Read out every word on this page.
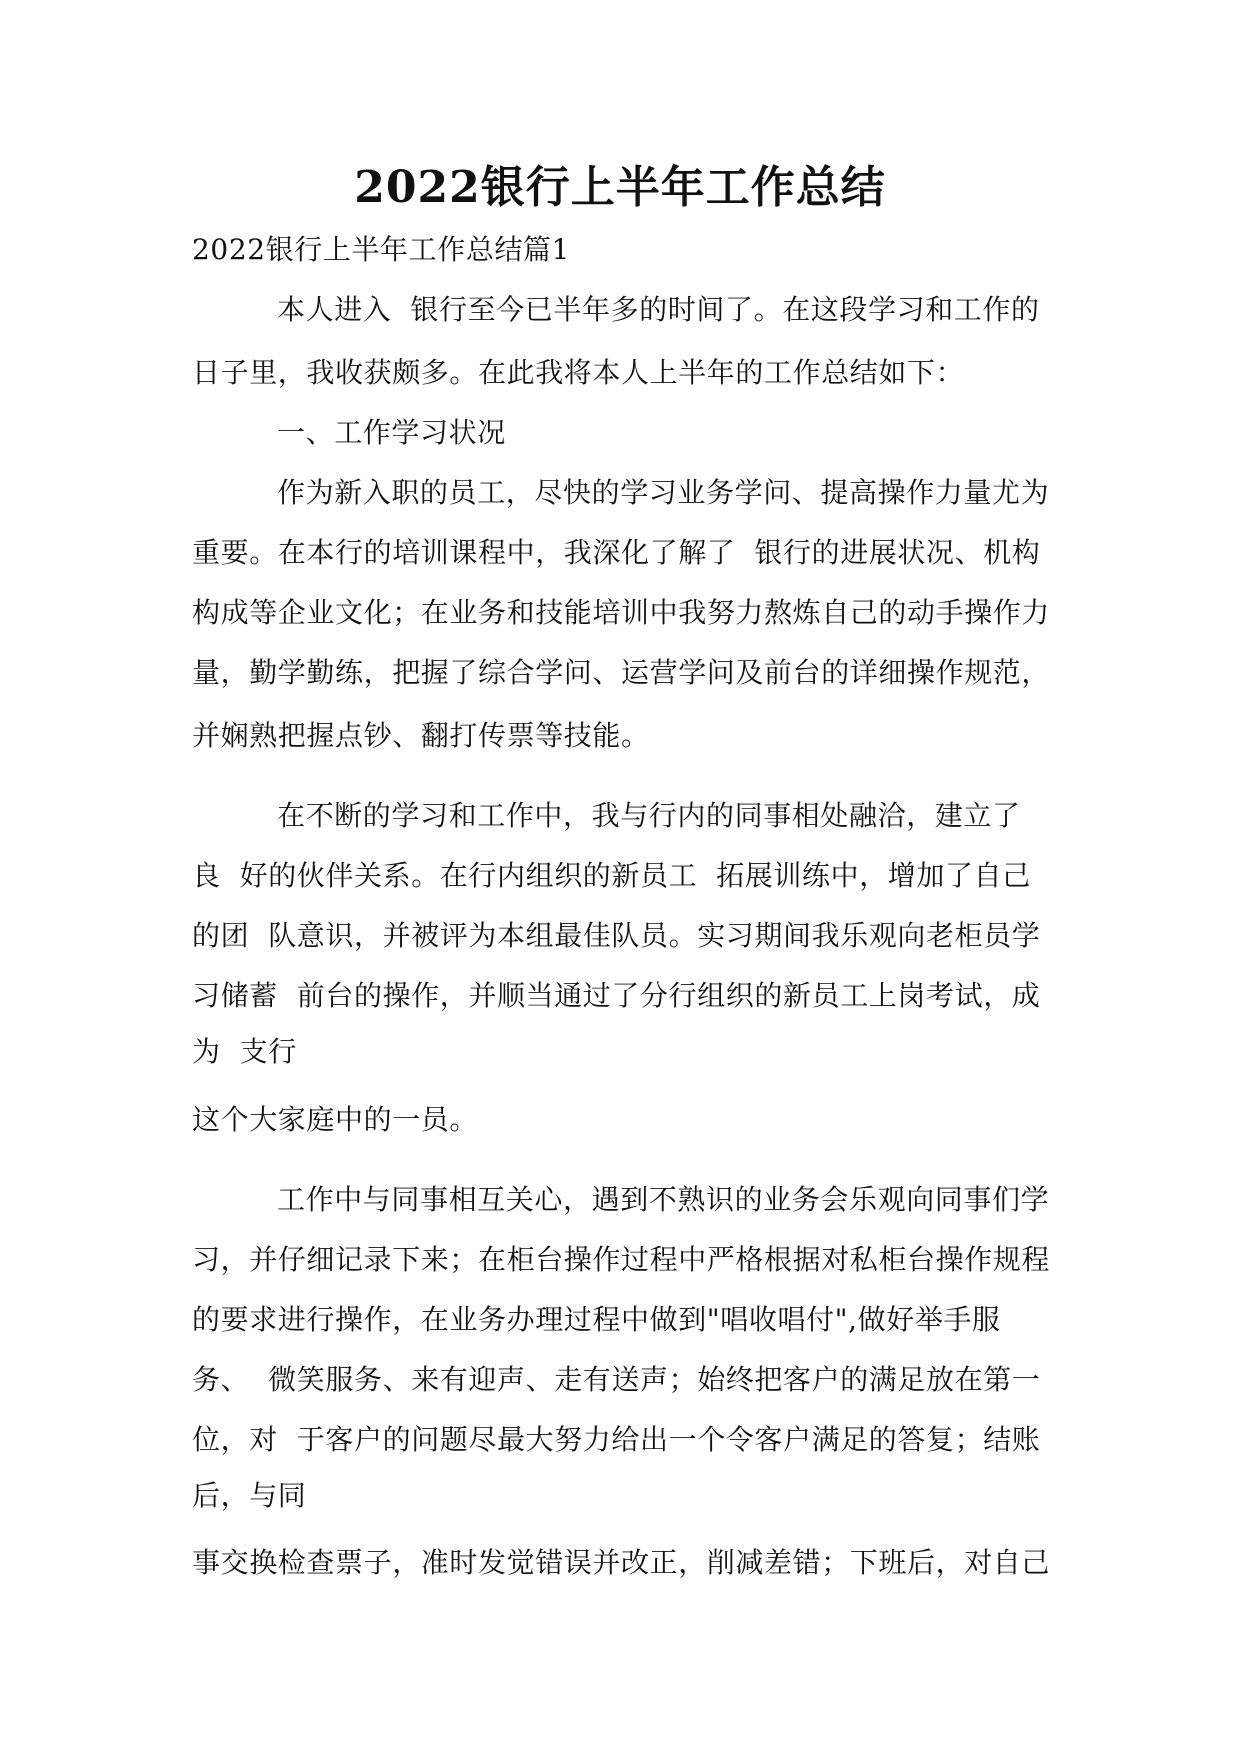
2022银行上半年工作总结
2022银行上半年工作总结篇1
本人进入  银行至今已半年多的时间了。在这段学习和工作的
日子里，我收获颇多。在此我将本人上半年的工作总结如下：
一、工作学习状况
作为新入职的员工，尽快的学习业务学问、提高操作力量尤为
重要。在本行的培训课程中，我深化了解了  银行的进展状况、机构
构成等企业文化；在业务和技能培训中我努力熬炼自己的动手操作力
量，勤学勤练，把握了综合学问、运营学问及前台的详细操作规范，
并娴熟把握点钞、翻打传票等技能。
在不断的学习和工作中，我与行内的同事相处融洽，建立了
良  好的伙伴关系。在行内组织的新员工  拓展训练中，增加了自己
的团  队意识，并被评为本组最佳队员。实习期间我乐观向老柜员学
习储蓄  前台的操作，并顺当通过了分行组织的新员工上岗考试，成
为  支行
这个大家庭中的一员。
工作中与同事相互关心，遇到不熟识的业务会乐观向同事们学
习，并仔细记录下来；在柜台操作过程中严格根据对私柜台操作规程
的要求进行操作，在业务办理过程中做到"唱收唱付",做好举手服
务、  微笑服务、来有迎声、走有送声；始终把客户的满足放在第一
位，对  于客户的问题尽最大努力给出一个令客户满足的答复；结账
后，与同
事交换检查票子，准时发觉错误并改正，削减差错；下班后，对自己
